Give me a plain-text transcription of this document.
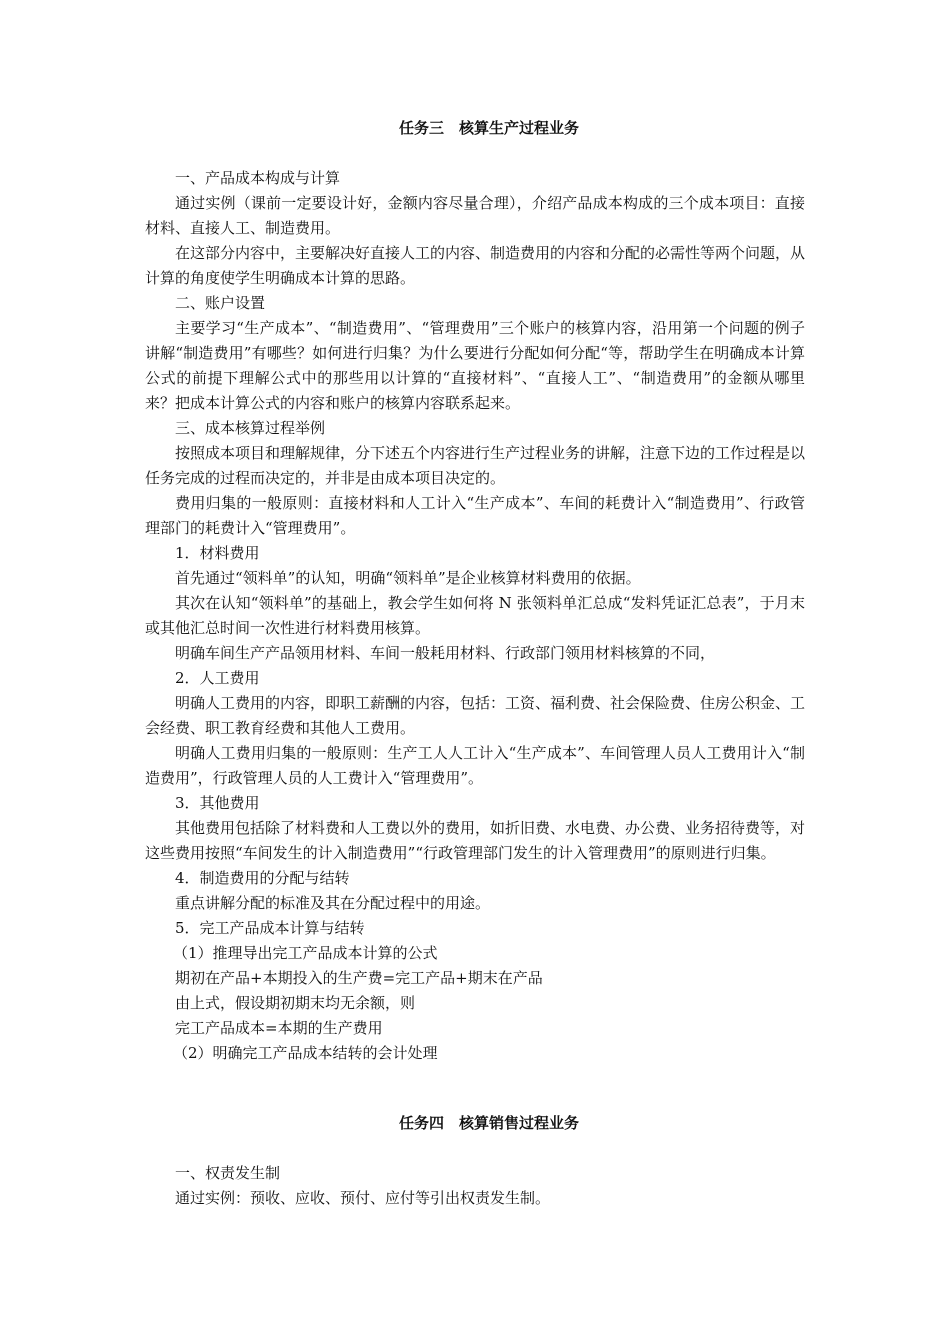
任务三　核算生产过程业务

一、产品成本构成与计算

通过实例（课前一定要设计好，金额内容尽量合理），介绍产品成本构成的三个成本项目：直接材料、直接人工、制造费用。

在这部分内容中，主要解决好直接人工的内容、制造费用的内容和分配的必需性等两个问题，从计算的角度使学生明确成本计算的思路。

二、账户设置

主要学习“生产成本”、“制造费用”、“管理费用”三个账户的核算内容，沿用第一个问题的例子讲解“制造费用”有哪些？如何进行归集？为什么要进行分配如何分配“等，帮助学生在明确成本计算公式的前提下理解公式中的那些用以计算的“直接材料”、“直接人工”、“制造费用”的金额从哪里来？把成本计算公式的内容和账户的核算内容联系起来。

三、成本核算过程举例

按照成本项目和理解规律，分下述五个内容进行生产过程业务的讲解，注意下边的工作过程是以任务完成的过程而决定的，并非是由成本项目决定的。

费用归集的一般原则：直接材料和人工计入“生产成本”、车间的耗费计入“制造费用”、行政管理部门的耗费计入“管理费用”。

1．材料费用

首先通过“领料单”的认知，明确“领料单”是企业核算材料费用的依据。

其次在认知“领料单”的基础上，教会学生如何将 N 张领料单汇总成“发料凭证汇总表”，于月末或其他汇总时间一次性进行材料费用核算。

明确车间生产产品领用材料、车间一般耗用材料、行政部门领用材料核算的不同，

2．人工费用

明确人工费用的内容，即职工薪酬的内容，包括：工资、福利费、社会保险费、住房公积金、工会经费、职工教育经费和其他人工费用。

明确人工费用归集的一般原则：生产工人人工计入“生产成本”、车间管理人员人工费用计入“制造费用”，行政管理人员的人工费计入“管理费用”。

3．其他费用

其他费用包括除了材料费和人工费以外的费用，如折旧费、水电费、办公费、业务招待费等，对这些费用按照“车间发生的计入制造费用”“行政管理部门发生的计入管理费用”的原则进行归集。

4．制造费用的分配与结转

重点讲解分配的标准及其在分配过程中的用途。

5．完工产品成本计算与结转

（1）推理导出完工产品成本计算的公式

期初在产品+本期投入的生产费=完工产品+期末在产品

由上式，假设期初期末均无余额，则

完工产品成本=本期的生产费用

（2）明确完工产品成本结转的会计处理

任务四　核算销售过程业务

一、权责发生制

通过实例：预收、应收、预付、应付等引出权责发生制。
